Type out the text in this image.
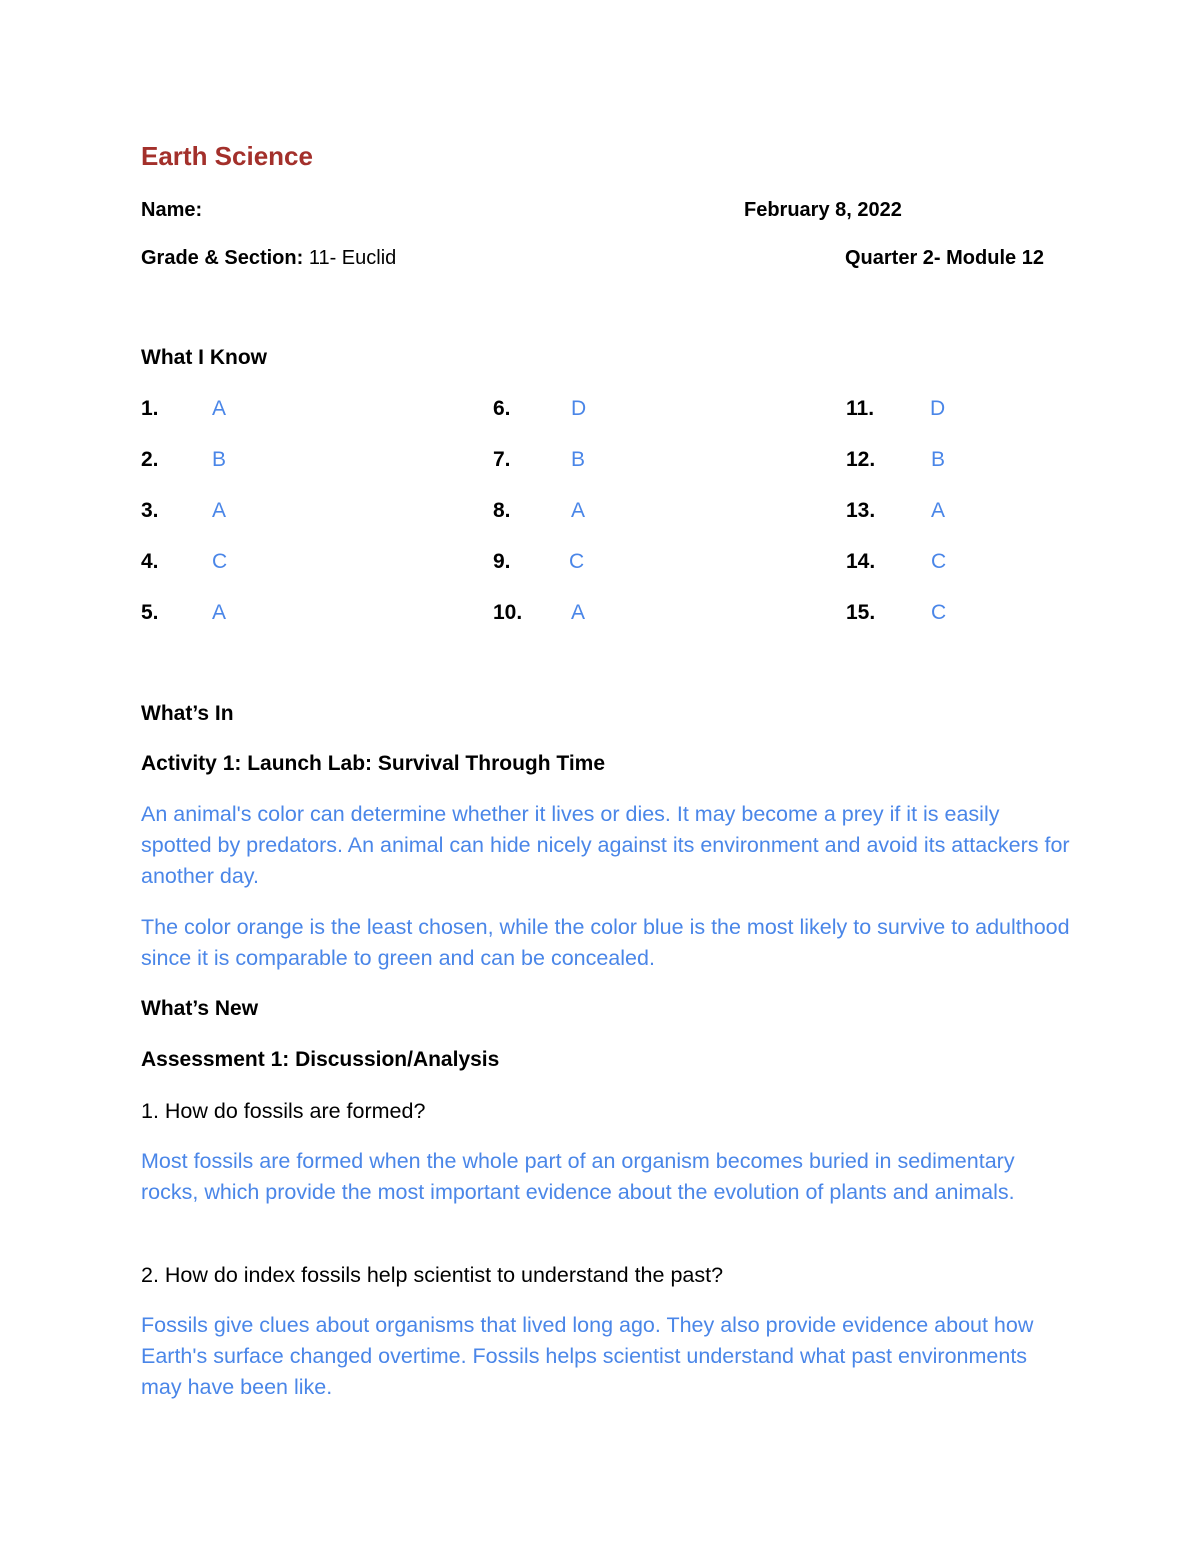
Earth Science
Name:	February 8, 2022
Grade & Section: 11- Euclid	Quarter 2- Module 12
What I Know
1.	A
2.	B
3.	A
4.	C
5.	A
6.	D
7.	B
8.	A
9.	C
10. A
11.	D
12.	B
13.	A
14.	C
15.	C
What’s In
Activity 1: Launch Lab: Survival Through Time
An animal's color can determine whether it lives or dies. It may become a prey if it is easily spotted by predators. An animal can hide nicely against its environment and avoid its attackers for another day.
The color orange is the least chosen, while the color blue is the most likely to survive to adulthood since it is comparable to green and can be concealed.
What’s New
Assessment 1: Discussion/Analysis
1. How do fossils are formed?
Most fossils are formed when the whole part of an organism becomes buried in sedimentary rocks, which provide the most important evidence about the evolution of plants and animals.
2. How do index fossils help scientist to understand the past?
Fossils give clues about organisms that lived long ago. They also provide evidence about how Earth's surface changed overtime. Fossils helps scientist understand what past environments may have been like.
